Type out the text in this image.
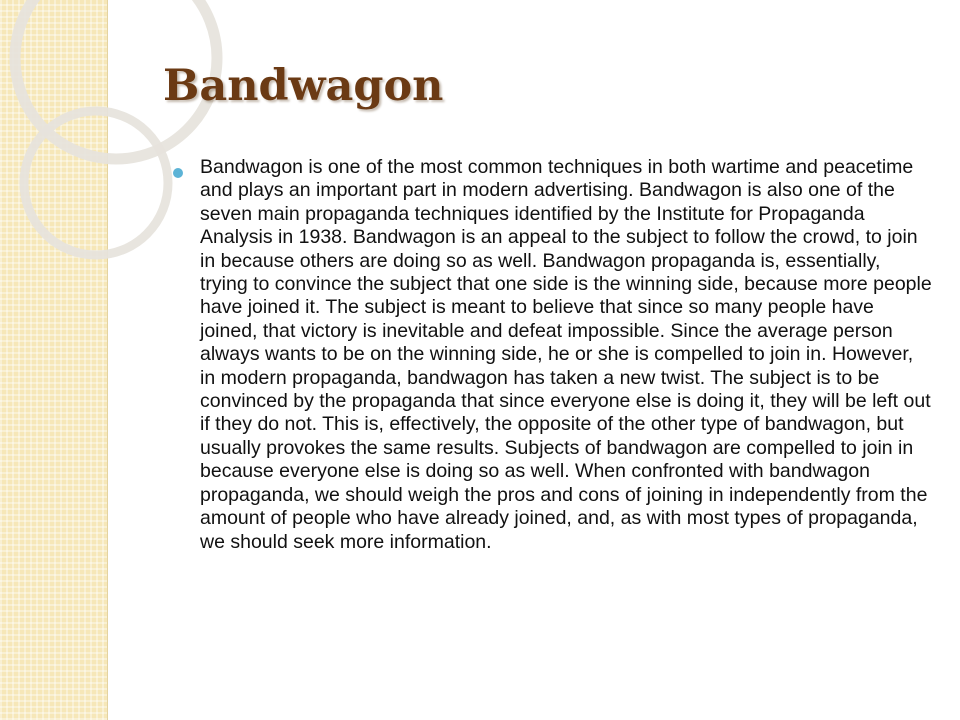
Bandwagon

Bandwagon is one of the most common techniques in both wartime and peacetime and plays an important part in modern advertising. Bandwagon is also one of the seven main propaganda techniques identified by the Institute for Propaganda Analysis in 1938. Bandwagon is an appeal to the subject to follow the crowd, to join in because others are doing so as well. Bandwagon propaganda is, essentially, trying to convince the subject that one side is the winning side, because more people have joined it. The subject is meant to believe that since so many people have joined, that victory is inevitable and defeat impossible. Since the average person always wants to be on the winning side, he or she is compelled to join in. However, in modern propaganda, bandwagon has taken a new twist. The subject is to be convinced by the propaganda that since everyone else is doing it, they will be left out if they do not. This is, effectively, the opposite of the other type of bandwagon, but usually provokes the same results. Subjects of bandwagon are compelled to join in because everyone else is doing so as well. When confronted with bandwagon propaganda, we should weigh the pros and cons of joining in independently from the amount of people who have already joined, and, as with most types of propaganda, we should seek more information.
